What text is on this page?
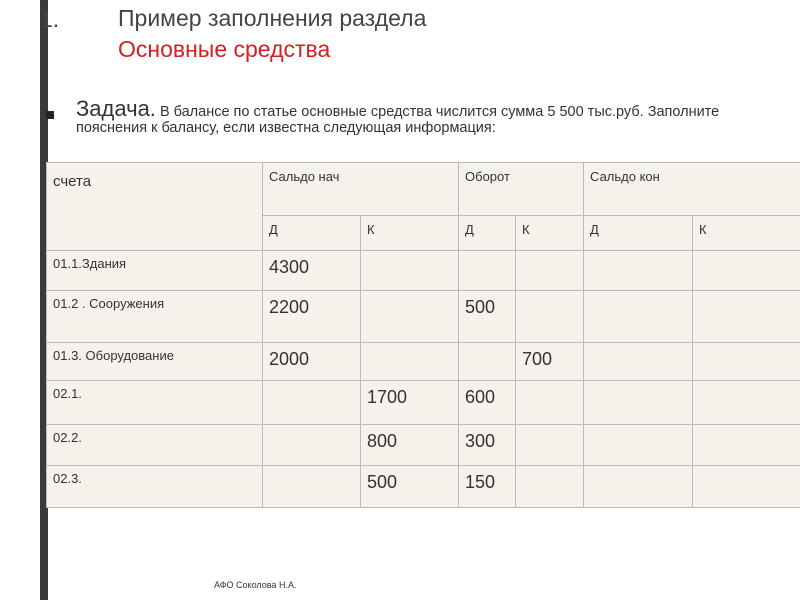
1.	Пример заполнения раздела
Основные средства
Задача. В балансе по статье основные средства числится сумма 5 500 тыс.руб. Заполните пояснения к балансу, если известна следующая информация:
счета	Сальдо нач		Оборот		Сальдо кон	

	Д	К	Д	К	Д	К

01.1.Здания	4300					

01.2 . Сооружения	2200		500			

01.3. Оборудование	2000			700		

02.1.		1700	600			

02.2.		800	300			

02.3.		500	150			

АФО Соколова Н.А.
